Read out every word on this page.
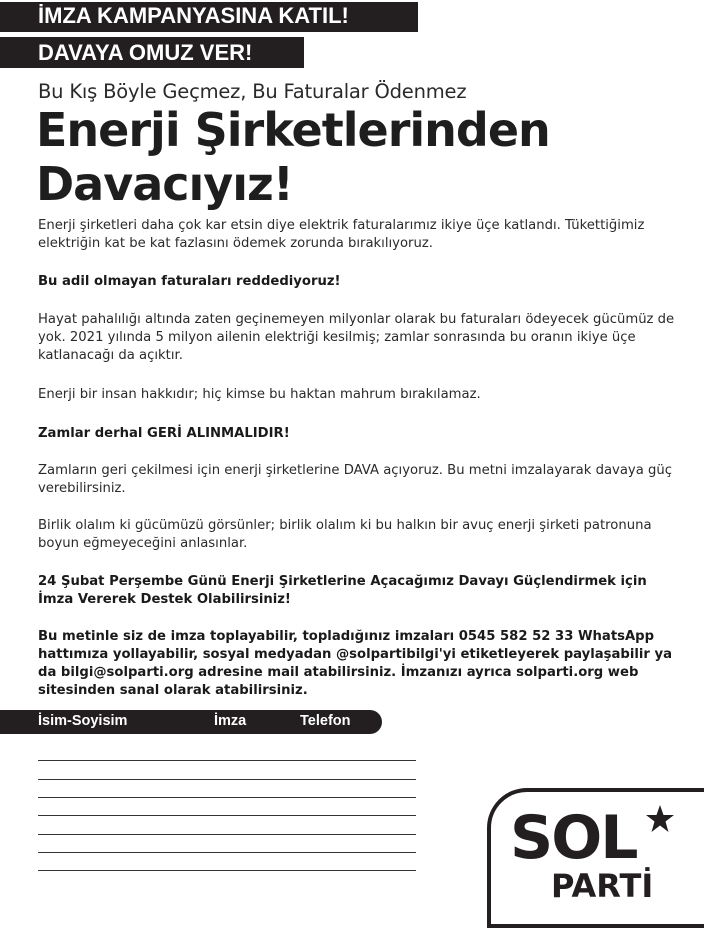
İMZA KAMPANYASINA KATIL!
DAVAYA OMUZ VER!
Bu Kış Böyle Geçmez, Bu Faturalar Ödenmez
Enerji Şirketlerinden
Davacıyız!
Enerji şirketleri daha çok kar etsin diye elektrik faturalarımız ikiye üçe katlandı. Tükettiğimiz elektriğin kat be kat fazlasını ödemek zorunda bırakılıyoruz.
Bu adil olmayan faturaları reddediyoruz!
Hayat pahalılığı altında zaten geçinemeyen milyonlar olarak bu faturaları ödeyecek gücümüz de yok. 2021 yılında 5 milyon ailenin elektriği kesilmiş; zamlar sonrasında bu oranın ikiye üçe katlanacağı da açıktır.
Enerji bir insan hakkıdır; hiç kimse bu haktan mahrum bırakılamaz.
Zamlar derhal GERİ ALINMALIDIR!
Zamların geri çekilmesi için enerji şirketlerine DAVA açıyoruz. Bu metni imzalayarak davaya güç verebilirsiniz.
Birlik olalım ki gücümüzü görsünler; birlik olalım ki bu halkın bir avuç enerji şirketi patronuna boyun eğmeyeceğini anlasınlar.
24 Şubat Perşembe Günü Enerji Şirketlerine Açacağımız Davayı Güçlendirmek için İmza Vererek Destek Olabilirsiniz!
Bu metinle siz de imza toplayabilir, topladığınız imzaları 0545 582 52 33 WhatsApp hattımıza yollayabilir, sosyal medyadan @solpartibilgi'yi etiketleyerek paylaşabilir ya da bilgi@solparti.org adresine mail atabilirsiniz. İmzanızı ayrıca solparti.org web sitesinden sanal olarak atabilirsiniz.
İsim-Soyisim	İmza	Telefon
SOL
PARTİ
